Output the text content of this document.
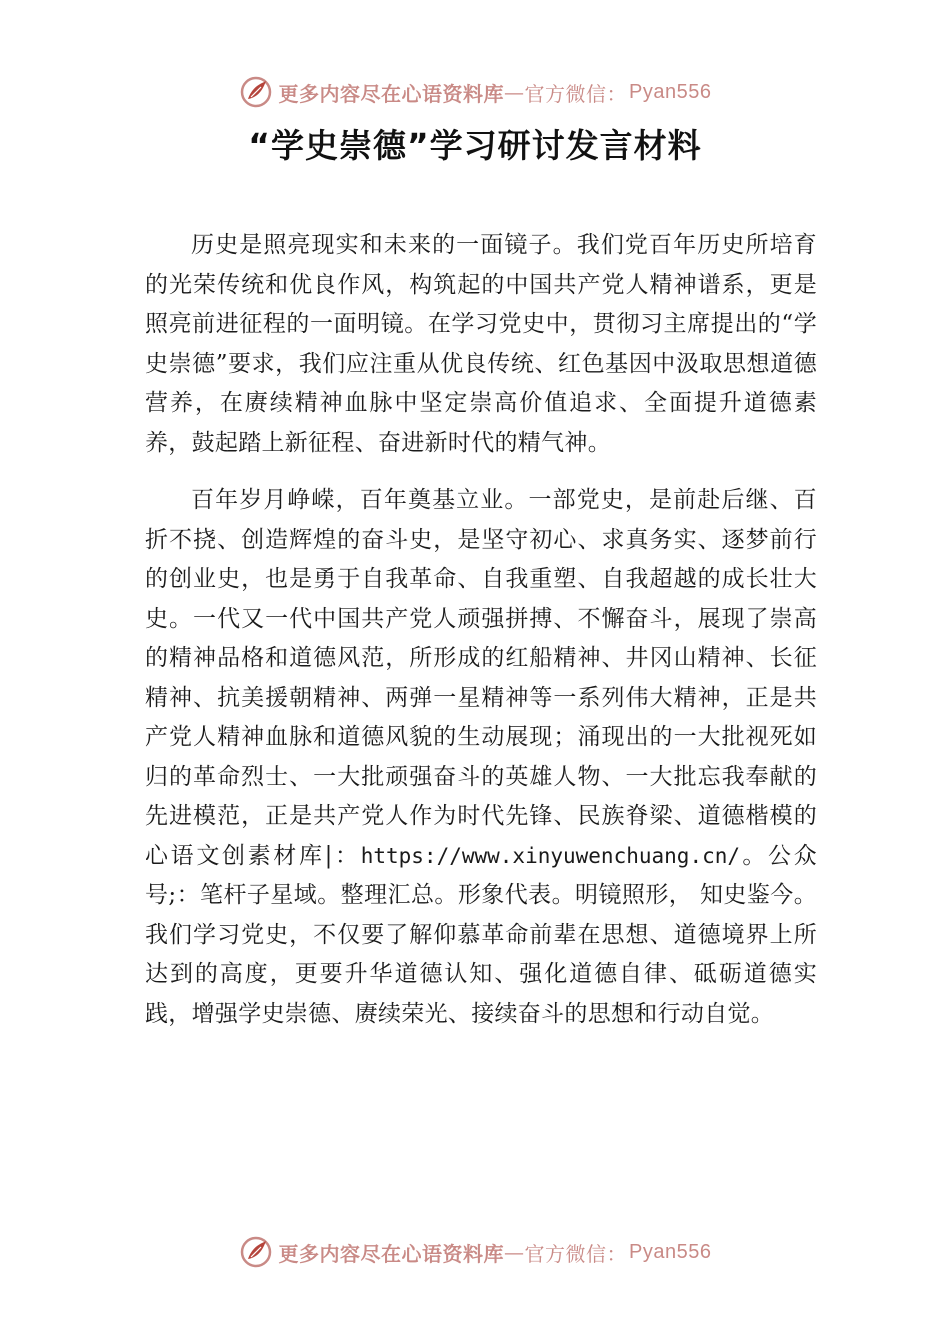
更多内容尽在心语资料库 — 官方微信： Pyan556
“学史崇德”学习研讨发言材料

历史是照亮现实和未来的一面镜子。我们党百年历史所培育的光荣传统和优良作风，构筑起的中国共产党人精神谱系，更是照亮前进征程的一面明镜。在学习党史中，贯彻习主席提出的“学史崇德”要求，我们应注重从优良传统、红色基因中汲取思想道德营养，在赓续精神血脉中坚定崇高价值追求、全面提升道德素养，鼓起踏上新征程、奋进新时代的精气神。

百年岁月峥嵘，百年奠基立业。一部党史，是前赴后继、百折不挠、创造辉煌的奋斗史，是坚守初心、求真务实、逐梦前行的创业史，也是勇于自我革命、自我重塑、自我超越的成长壮大史。一代又一代中国共产党人顽强拼搏、不懈奋斗，展现了崇高的精神品格和道德风范，所形成的红船精神、井冈山精神、长征精神、抗美援朝精神、两弹一星精神等一系列伟大精神，正是共产党人精神血脉和道德风貌的生动展现；涌现出的一大批视死如归的革命烈士、一大批顽强奋斗的英雄人物、一大批忘我奉献的先进模范，正是共产党人作为时代先锋、民族脊梁、道德楷模的心语文创素材库|：https://www.xinyuwenchuang.cn/。公众号;：笔杆子星域。整理汇总。形象代表。明镜照形， 知史鉴今。我们学习党史，不仅要了解仰慕革命前辈在思想、道德境界上所达到的高度，更要升华道德认知、强化道德自律、砥砺道德实践，增强学史崇德、赓续荣光、接续奋斗的思想和行动自觉。

更多内容尽在心语资料库 — 官方微信： Pyan556
